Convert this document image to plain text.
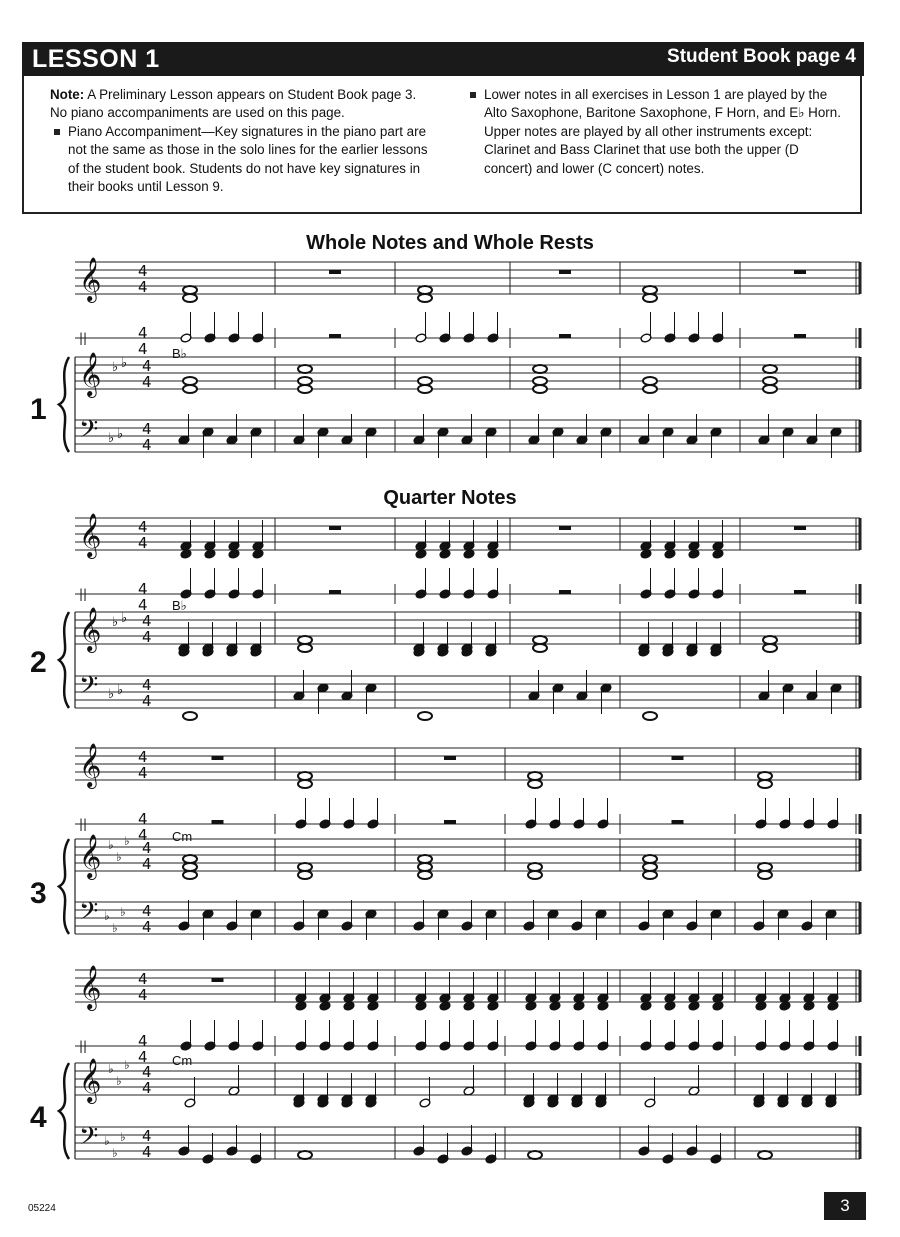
LESSON 1	Student Book page 4

Note: A Preliminary Lesson appears on Student Book page 3. No piano accompaniments are used on this page.

Piano Accompaniment—Key signatures in the piano part are not the same as those in the solo lines for the earlier lessons of the student book. Students do not have key signatures in their books until Lesson 9.

Lower notes in all exercises in Lesson 1 are played by the Alto Saxophone, Baritone Saxophone, F Horn, and E♭ Horn. Upper notes are played by all other instruments except: Clarinet and Bass Clarinet that use both the upper (D concert) and lower (C concert) notes.

Whole Notes and Whole Rests
Quarter Notes
𝄞
||
𝄞
𝄢
4
4
4
4
4
4
4
4
♭ ♭
♭ ♭
𝄞
||
𝄞
𝄢
4
4
4
4
4
4
4
4
♭ ♭
♭ ♭
𝄞
||
𝄞
𝄢
4
4
4
4
4
4
4
4
♭
♭
♭
♭
♭
♭
𝄞
||
𝄞
𝄢
4
4
4
4
4
4
4
4
♭
♭
♭
♭
♭
♭
1
2
3
4
B♭
B♭
Cm
Cm
05224	3
